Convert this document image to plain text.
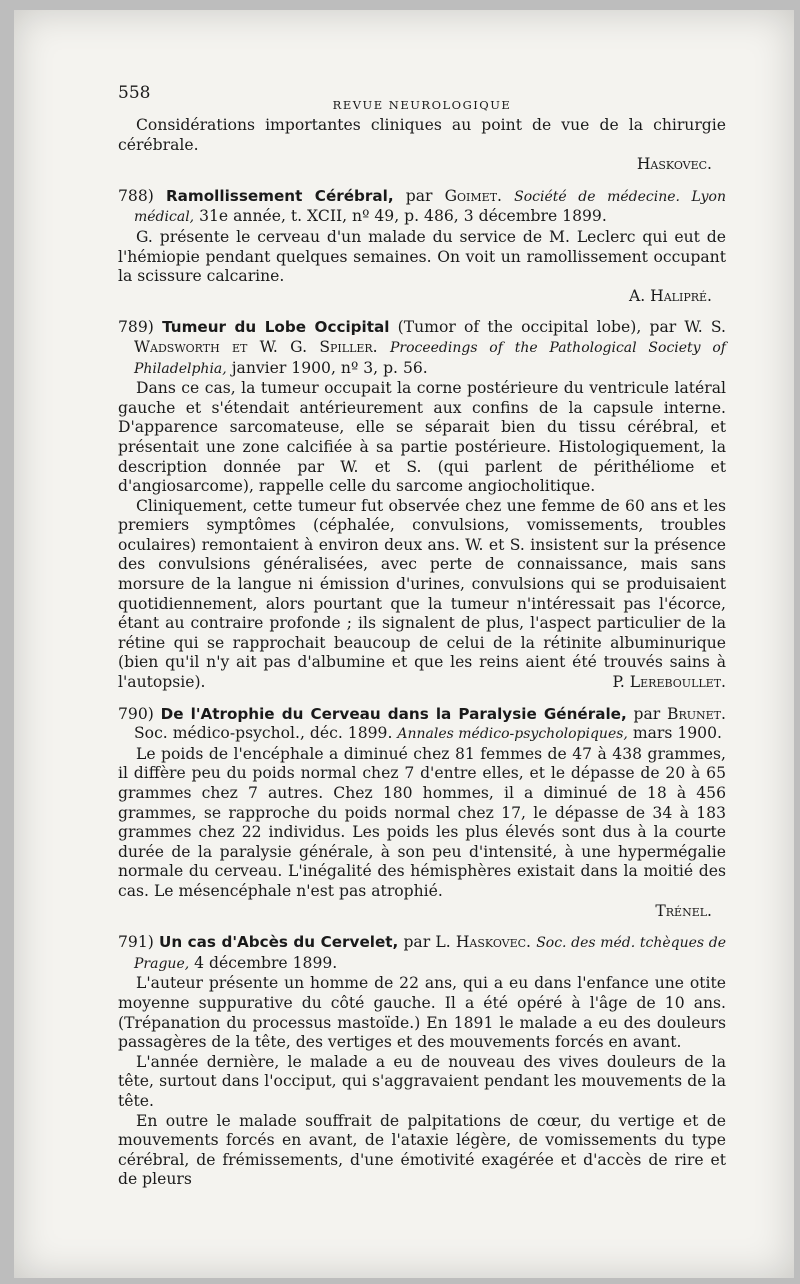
558
REVUE NEUROLOGIQUE

Considérations importantes cliniques au point de vue de la chirurgie cérébrale.

Haskovec.

788) Ramollissement Cérébral, par Goimet. Société de médecine. Lyon médical, 31e année, t. XCII, nº 49, p. 486, 3 décembre 1899.

G. présente le cerveau d'un malade du service de M. Leclerc qui eut de l'hémiopie pendant quelques semaines. On voit un ramollissement occupant la scissure calcarine.

A. Halipré.

789) Tumeur du Lobe Occipital (Tumor of the occipital lobe), par W. S. Wadsworth et W. G. Spiller. Proceedings of the Pathological Society of Philadelphia, janvier 1900, nº 3, p. 56.

Dans ce cas, la tumeur occupait la corne postérieure du ventricule latéral gauche et s'étendait antérieurement aux confins de la capsule interne. D'apparence sarcomateuse, elle se séparait bien du tissu cérébral, et présentait une zone calcifiée à sa partie postérieure. Histologiquement, la description donnée par W. et S. (qui parlent de périthéliome et d'angiosarcome), rappelle celle du sarcome angiocholitique.

Cliniquement, cette tumeur fut observée chez une femme de 60 ans et les premiers symptômes (céphalée, convulsions, vomissements, troubles oculaires) remontaient à environ deux ans. W. et S. insistent sur la présence des convulsions généralisées, avec perte de connaissance, mais sans morsure de la langue ni émission d'urines, convulsions qui se produisaient quotidiennement, alors pourtant que la tumeur n'intéressait pas l'écorce, étant au contraire profonde ; ils signalent de plus, l'aspect particulier de la rétine qui se rapprochait beaucoup de celui de la rétinite albuminurique (bien qu'il n'y ait pas d'albumine et que les reins aient été trouvés sains à l'autopsie).	P. Lereboullet.

790) De l'Atrophie du Cerveau dans la Paralysie Générale, par Brunet. Soc. médico-psychol., déc. 1899. Annales médico-psycholopiques, mars 1900.

Le poids de l'encéphale a diminué chez 81 femmes de 47 à 438 grammes, il diffère peu du poids normal chez 7 d'entre elles, et le dépasse de 20 à 65 grammes chez 7 autres. Chez 180 hommes, il a diminué de 18 à 456 grammes, se rapproche du poids normal chez 17, le dépasse de 34 à 183 grammes chez 22 individus. Les poids les plus élevés sont dus à la courte durée de la paralysie générale, à son peu d'intensité, à une hypermégalie normale du cerveau. L'inégalité des hémisphères existait dans la moitié des cas. Le mésencéphale n'est pas atrophié.

Trénel.

791) Un cas d'Abcès du Cervelet, par L. Haskovec. Soc. des méd. tchèques de Prague, 4 décembre 1899.

L'auteur présente un homme de 22 ans, qui a eu dans l'enfance une otite moyenne suppurative du côté gauche. Il a été opéré à l'âge de 10 ans. (Trépanation du processus mastoïde.) En 1891 le malade a eu des douleurs passagères de la tête, des vertiges et des mouvements forcés en avant.

L'année dernière, le malade a eu de nouveau des vives douleurs de la tête, surtout dans l'occiput, qui s'aggravaient pendant les mouvements de la tête.

En outre le malade souffrait de palpitations de cœur, du vertige et de mouvements forcés en avant, de l'ataxie légère, de vomissements du type cérébral, de frémissements, d'une émotivité exagérée et d'accès de rire et de pleurs
